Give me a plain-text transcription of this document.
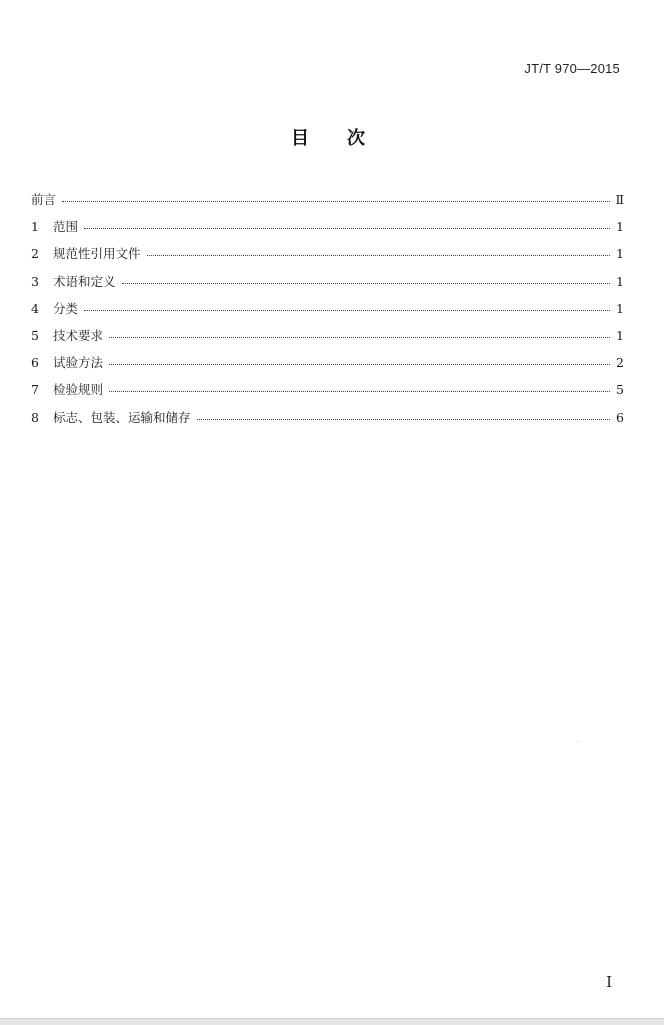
JT/T 970—2015
目次
前言	Ⅱ
1	范围	1
2	规范性引用文件	1
3	术语和定义	1
4	分类	1
5	技术要求	1
6	试验方法	2
7	检验规则	5
8	标志、包装、运输和储存	6
I
